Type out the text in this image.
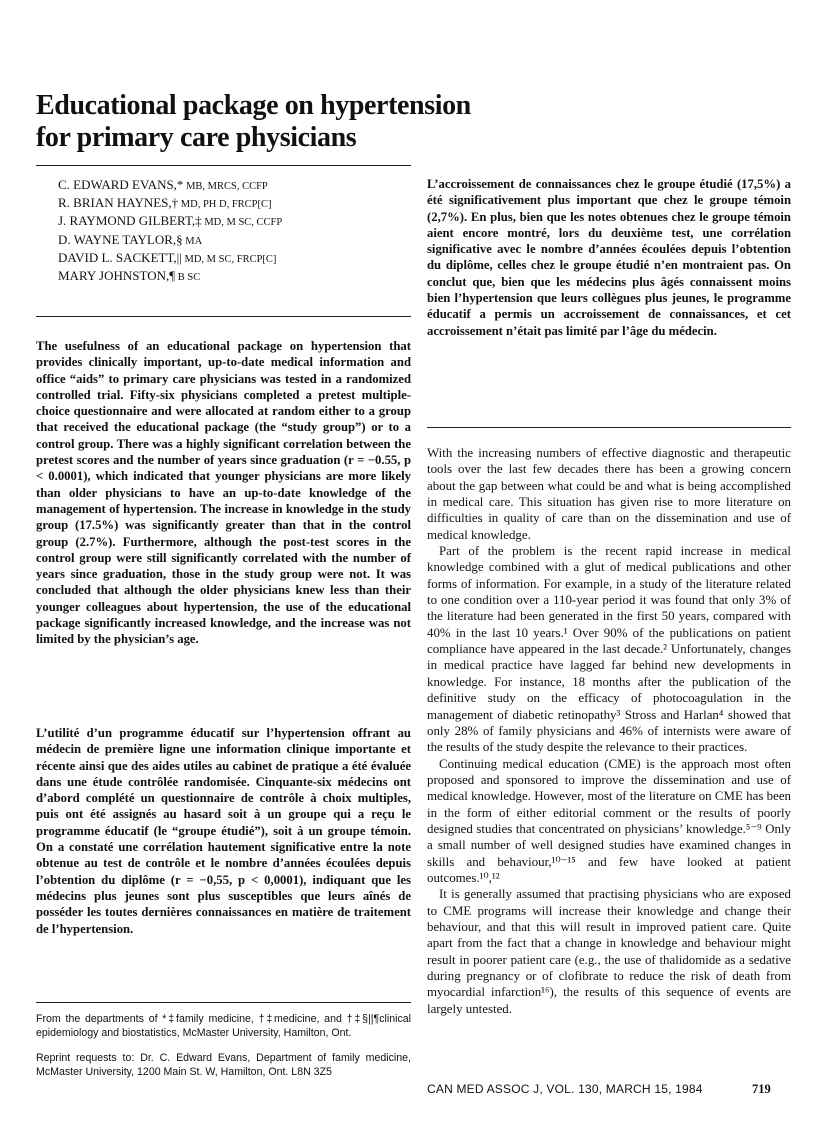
Educational package on hypertension
for primary care physicians
C. EDWARD EVANS,* MB, MRCS, CCFP
R. BRIAN HAYNES,† MD, PH D, FRCP[C]
J. RAYMOND GILBERT,‡ MD, M SC, CCFP
D. WAYNE TAYLOR,§ MA
DAVID L. SACKETT,|| MD, M SC, FRCP[C]
MARY JOHNSTON,¶ B SC

The usefulness of an educational package on hypertension that provides clinically important, up-to-date medical information and office “aids” to primary care physicians was tested in a randomized controlled trial. Fifty-six physicians completed a pretest multiple-choice questionnaire and were allocated at random either to a group that received the educational package (the “study group”) or to a control group. There was a highly significant correlation between the pretest scores and the number of years since graduation (r = −0.55, p < 0.0001), which indicated that younger physicians are more likely than older physicians to have an up-to-date knowledge of the management of hypertension. The increase in knowledge in the study group (17.5%) was significantly greater than that in the control group (2.7%). Furthermore, although the post-test scores in the control group were still significantly correlated with the number of years since graduation, those in the study group were not. It was concluded that although the older physicians knew less than their younger colleagues about hypertension, the use of the educational package significantly increased knowledge, and the increase was not limited by the physician’s age.

L’utilité d’un programme éducatif sur l’hypertension offrant au médecin de première ligne une information clinique importante et récente ainsi que des aides utiles au cabinet de pratique a été évaluée dans une étude contrôlée randomisée. Cinquante-six médecins ont d’abord complété un questionnaire de contrôle à choix multiples, puis ont été assignés au hasard soit à un groupe qui a reçu le programme éducatif (le “groupe étudié”), soit à un groupe témoin. On a constaté une corrélation hautement significative entre la note obtenue au test de contrôle et le nombre d’années écoulées depuis l’obtention du diplôme (r = −0,55, p < 0,0001), indiquant que les médecins plus jeunes sont plus susceptibles que leurs aînés de posséder les toutes dernières connaissances en matière de traitement de l’hypertension.

From the departments of *‡family medicine, †‡medicine, and †‡§||¶clinical epidemiology and biostatistics, McMaster University, Hamilton, Ont.

Reprint requests to: Dr. C. Edward Evans, Department of family medicine, McMaster University, 1200 Main St. W, Hamilton, Ont. L8N 3Z5

L’accroissement de connaissances chez le groupe étudié (17,5%) a été significativement plus important que chez le groupe témoin (2,7%). En plus, bien que les notes obtenues chez le groupe témoin aient encore montré, lors du deuxième test, une corrélation significative avec le nombre d’années écoulées depuis l’obtention du diplôme, celles chez le groupe étudié n’en montraient pas. On conclut que, bien que les médecins plus âgés connaissent moins bien l’hypertension que leurs collègues plus jeunes, le programme éducatif a permis un accroissement de connaissances, et cet accroissement n’était pas limité par l’âge du médecin.

With the increasing numbers of effective diagnostic and therapeutic tools over the last few decades there has been a growing concern about the gap between what could be and what is being accomplished in medical care. This situation has given rise to more literature on difficulties in quality of care than on the dissemination and use of medical knowledge.

Part of the problem is the recent rapid increase in medical knowledge combined with a glut of medical publications and other forms of information. For example, in a study of the literature related to one condition over a 110-year period it was found that only 3% of the literature had been generated in the first 50 years, compared with 40% in the last 10 years.¹ Over 90% of the publications on patient compliance have appeared in the last decade.² Unfortunately, changes in medical practice have lagged far behind new developments in knowledge. For instance, 18 months after the publication of the definitive study on the efficacy of photocoagulation in the management of diabetic retinopathy³ Stross and Harlan⁴ showed that only 28% of family physicians and 46% of internists were aware of the results of the study despite the relevance to their practices.

Continuing medical education (CME) is the approach most often proposed and sponsored to improve the dissemination and use of medical knowledge. However, most of the literature on CME has been in the form of either editorial comment or the results of poorly designed studies that concentrated on physicians’ knowledge.⁵⁻⁹ Only a small number of well designed studies have examined changes in skills and behaviour,¹⁰⁻¹⁵ and few have looked at patient outcomes.¹⁰,¹²

It is generally assumed that practising physicians who are exposed to CME programs will increase their knowledge and change their behaviour, and that this will result in improved patient care. Quite apart from the fact that a change in knowledge and behaviour might result in poorer patient care (e.g., the use of thalidomide as a sedative during pregnancy or of clofibrate to reduce the risk of death from myocardial infarction¹⁶), the results of this sequence of events are largely untested.

CAN MED ASSOC J, VOL. 130, MARCH 15, 1984	719
